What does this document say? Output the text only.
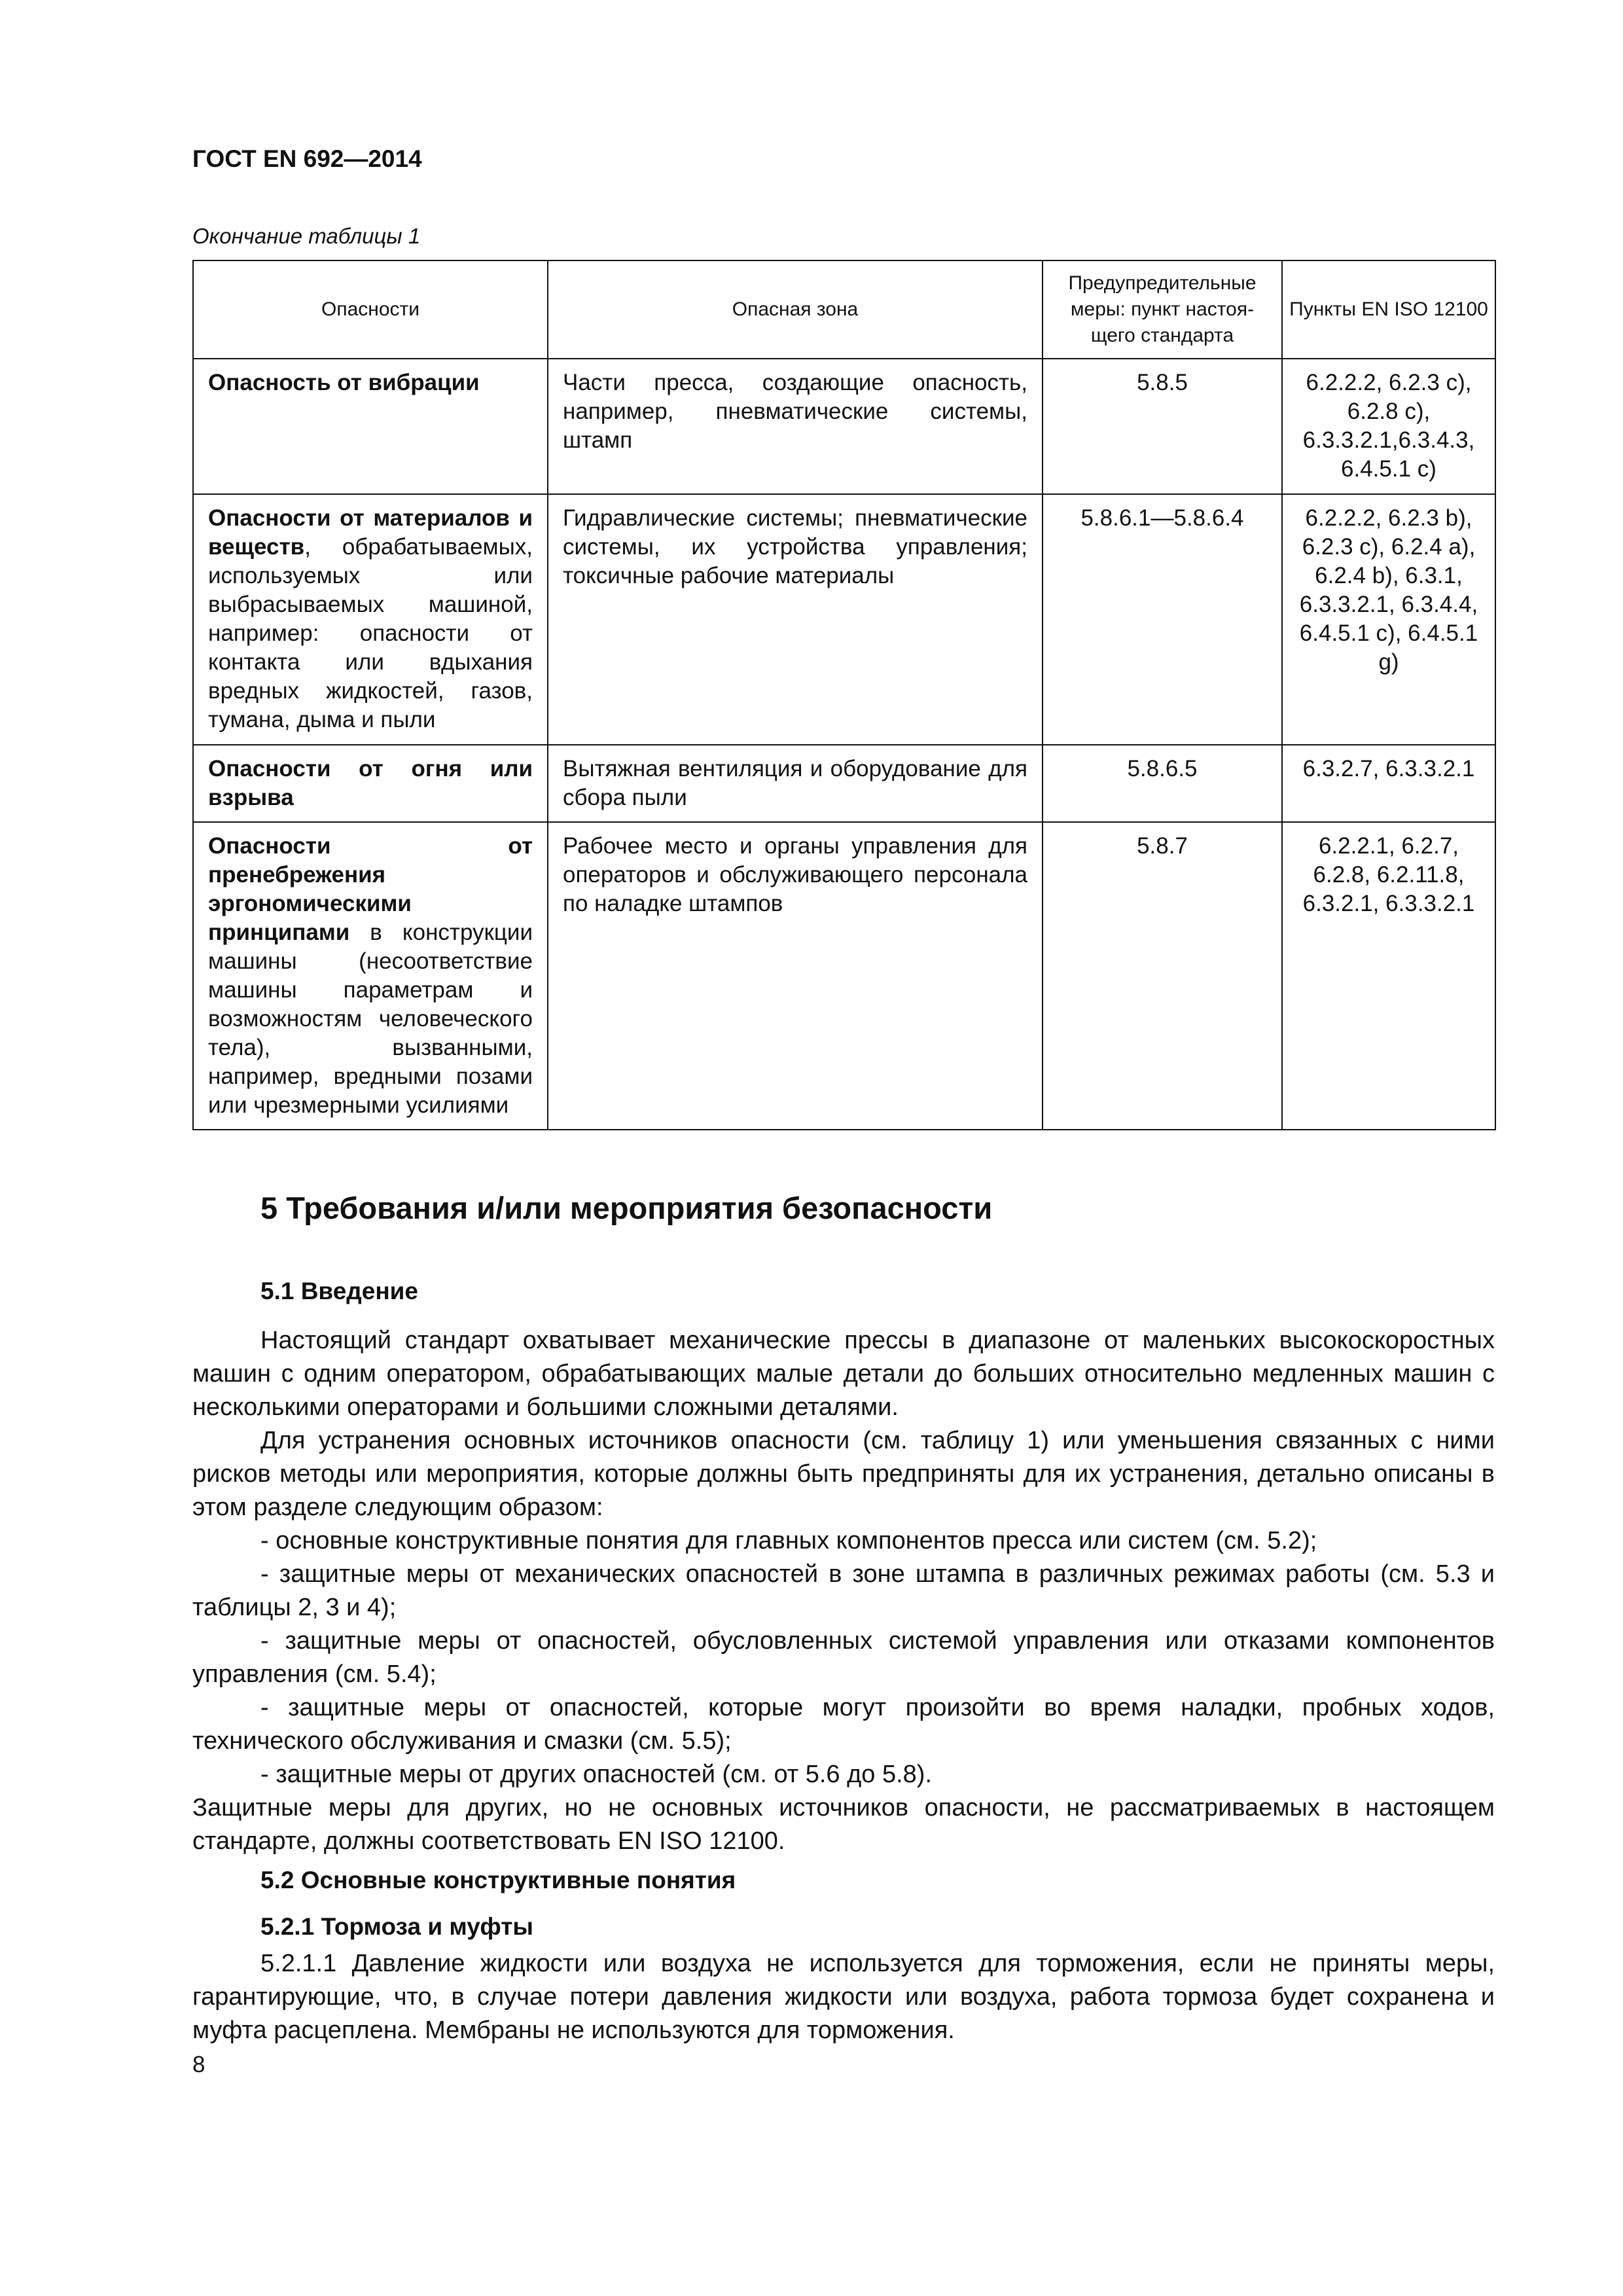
ГОСТ EN 692—2014
Окончание таблицы 1
Опасности	Опасная зона	Предупредительные меры: пункт настоя-щего стандарта	Пункты EN ISO 12100
Опасность от вибрации	Части пресса, создающие опасность, например, пневматические системы, штамп	5.8.5	6.2.2.2, 6.2.3 с), 6.2.8 с), 6.3.3.2.1,6.3.4.3, 6.4.5.1 с)
Опасности от материалов и веществ, обрабатываемых, используемых или выбрасываемых машиной, например: опасности от контакта или вдыхания вредных жидкостей, газов, тумана, дыма и пыли	Гидравлические системы; пневматические системы, их устройства управления; токсичные рабочие материалы	5.8.6.1—5.8.6.4	6.2.2.2, 6.2.3 b), 6.2.3 с), 6.2.4 a), 6.2.4 b), 6.3.1, 6.3.3.2.1, 6.3.4.4, 6.4.5.1 с), 6.4.5.1 g)
Опасности от огня или взрыва	Вытяжная вентиляция и оборудование для сбора пыли	5.8.6.5	6.3.2.7, 6.3.3.2.1
Опасности от пренебрежения эргономическими принципами в конструкции машины (несоответствие машины параметрам и возможностям человеческого тела), вызванными, например, вредными позами или чрезмерными усилиями	Рабочее место и органы управления для операторов и обслуживающего персонала по наладке штампов	5.8.7	6.2.2.1, 6.2.7, 6.2.8, 6.2.11.8, 6.3.2.1, 6.3.3.2.1
5 Требования и/или мероприятия безопасности
5.1 Введение

Настоящий стандарт охватывает механические прессы в диапазоне от маленьких высокоскоростных машин с одним оператором, обрабатывающих малые детали до больших относительно медленных машин с несколькими операторами и большими сложными деталями.

Для устранения основных источников опасности (см. таблицу 1) или уменьшения связанных с ними рисков методы или мероприятия, которые должны быть предприняты для их устранения, детально описаны в этом разделе следующим образом:

- основные конструктивные понятия для главных компонентов пресса или систем (см. 5.2);

- защитные меры от механических опасностей в зоне штампа в различных режимах работы (см. 5.3 и таблицы 2, 3 и 4);

- защитные меры от опасностей, обусловленных системой управления или отказами компонентов управления (см. 5.4);

- защитные меры от опасностей, которые могут произойти во время наладки, пробных ходов, технического обслуживания и смазки (см. 5.5);

- защитные меры от других опасностей (см. от 5.6 до 5.8).

Защитные меры для других, но не основных источников опасности, не рассматриваемых в настоящем стандарте, должны соответствовать EN ISO 12100.

5.2 Основные конструктивные понятия
5.2.1 Тормоза и муфты

5.2.1.1 Давление жидкости или воздуха не используется для торможения, если не приняты меры, гарантирующие, что, в случае потери давления жидкости или воздуха, работа тормоза будет сохранена и муфта расцеплена. Мембраны не используются для торможения.

8
